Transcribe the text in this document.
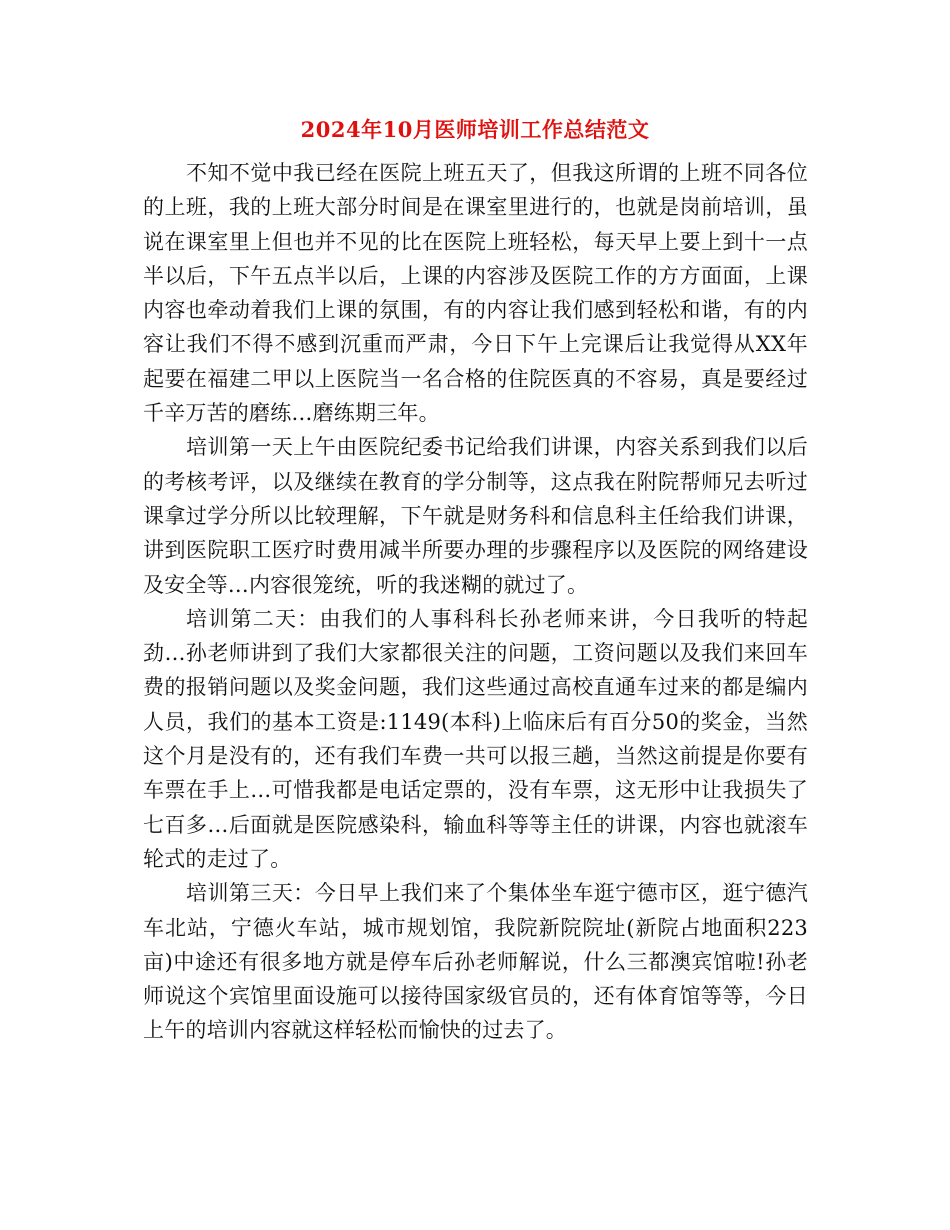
2024年10月医师培训工作总结范文

不知不觉中我已经在医院上班五天了，但我这所谓的上班不同各位的上班，我的上班大部分时间是在课室里进行的，也就是岗前培训，虽说在课室里上但也并不见的比在医院上班轻松，每天早上要上到十一点半以后，下午五点半以后，上课的内容涉及医院工作的方方面面，上课内容也牵动着我们上课的氛围，有的内容让我们感到轻松和谐，有的内容让我们不得不感到沉重而严肃，今日下午上完课后让我觉得从XX年起要在福建二甲以上医院当一名合格的住院医真的不容易，真是要经过千辛万苦的磨练…磨练期三年。

培训第一天上午由医院纪委书记给我们讲课，内容关系到我们以后的考核考评，以及继续在教育的学分制等，这点我在附院帮师兄去听过课拿过学分所以比较理解，下午就是财务科和信息科主任给我们讲课，讲到医院职工医疗时费用减半所要办理的步骤程序以及医院的网络建设及安全等…内容很笼统，听的我迷糊的就过了。

培训第二天：由我们的人事科科长孙老师来讲，今日我听的特起劲…孙老师讲到了我们大家都很关注的问题，工资问题以及我们来回车费的报销问题以及奖金问题，我们这些通过高校直通车过来的都是编内人员，我们的基本工资是:1149(本科)上临床后有百分50的奖金，当然这个月是没有的，还有我们车费一共可以报三趟，当然这前提是你要有车票在手上…可惜我都是电话定票的，没有车票，这无形中让我损失了七百多…后面就是医院感染科，输血科等等主任的讲课，内容也就滚车轮式的走过了。

培训第三天：今日早上我们来了个集体坐车逛宁德市区，逛宁德汽车北站，宁德火车站，城市规划馆，我院新院院址(新院占地面积223亩)中途还有很多地方就是停车后孙老师解说，什么三都澳宾馆啦!孙老师说这个宾馆里面设施可以接待国家级官员的，还有体育馆等等，今日上午的培训内容就这样轻松而愉快的过去了。
